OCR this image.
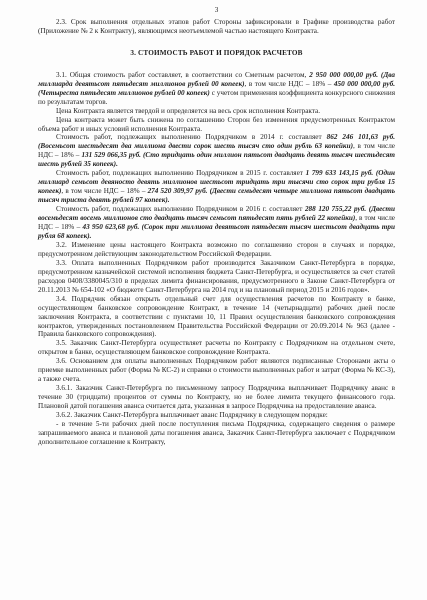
3

2.3. Срок выполнения отдельных этапов работ Стороны зафиксировали в Графике производства работ (Приложение № 2 к Контракту), являющимся неотъемлемой частью настоящего Контракта.

3. СТОИМОСТЬ РАБОТ И ПОРЯДОК РАСЧЕТОВ

3.1. Общая стоимость работ составляет, в соответствии со Сметным расчетом, 2 950 000 000,00 руб. (Два миллиарда девятьсот пятьдесят миллионов рублей 00 копеек), в том числе НДС – 18% – 450 000 000,00 руб. (Четыреста пятьдесят миллионов рублей 00 копеек) с учетом применения коэффициента конкурсного снижения по результатам торгов.

Цена Контракта является твердой и определяется на весь срок исполнения Контракта.

Цена контракта может быть снижена по соглашению Сторон без изменения предусмотренных Контрактом объема работ и иных условий исполнения Контракта.

Стоимость работ, подлежащих выполнению Подрядчиком в 2014 г. составляет 862 246 101,63 руб. (Восемьсот шестьдесят два миллиона двести сорок шесть тысяч сто один рубль 63 копейки), в том числе НДС – 18% – 131 529 066,35 руб. (Сто тридцать один миллион пятьсот двадцать девять тысяч шестьдесят шесть рублей 35 копеек).

Стоимость работ, подлежащих выполнению Подрядчиком в 2015 г. составляет 1 799 633 143,15 руб. (Один миллиард семьсот девяносто девять миллионов шестьсот тридцать три тысячи сто сорок три рубля 15 копеек), в том числе НДС – 18% – 274 520 309,97 руб. (Двести семьдесят четыре миллиона пятьсот двадцать тысяч триста девять рублей 97 копеек).

Стоимость работ, подлежащих выполнению Подрядчиком в 2016 г. составляет 288 120 755,22 руб. (Двести восемьдесят восемь миллионов сто двадцать тысяч семьсот пятьдесят пять рублей 22 копейки), в том числе НДС – 18% – 43 950 623,68 руб. (Сорок три миллиона девятьсот пятьдесят тысяч шестьсот двадцать три рубля 68 копеек).

3.2. Изменение цены настоящего Контракта возможно по соглашению сторон в случаях и порядке, предусмотренном действующим законодательством Российской Федерации.

3.3. Оплата выполненных Подрядчиком работ производится Заказчиком Санкт-Петербурга в порядке, предусмотренном казначейской системой исполнения бюджета Санкт-Петербурга, и осуществляется за счет статей расходов 0408/3380045/310 в пределах лимита финансирования, предусмотренного в Законе Санкт-Петербурга от 20.11.2013 № 654-102 «О бюджете Санкт-Петербурга на 2014 год и на плановый период 2015 и 2016 годов».

3.4. Подрядчик обязан открыть отдельный счет для осуществления расчетов по Контракту в банке, осуществляющем банковское сопровождение Контракт, в течение 14 (четырнадцати) рабочих дней после заключения Контракта, в соответствии с пунктами 10, 11 Правил осуществления банковского сопровождения контрактов, утвержденных постановлением Правительства Российской Федерации от 20.09.2014 № 963 (далее - Правила банковского сопровождения).

3.5. Заказчик Санкт-Петербурга осуществляет расчеты по Контракту с Подрядчиком на отдельном счете, открытом в банке, осуществляющем банковское сопровождение Контракта.

3.6. Основанием для оплаты выполненных Подрядчиком работ являются подписанные Сторонами акты о приемке выполненных работ (Форма № КС-2) и справки о стоимости выполненных работ и затрат (Форма № КС-3), а также счета.

3.6.1. Заказчик Санкт-Петербурга по письменному запросу Подрядчика выплачивает Подрядчику аванс в течение 30 (тридцати) процентов от суммы по Контракту, но не более лимита текущего финансового года. Плановой датой погашения аванса считается дата, указанная в запросе Подрядчика на предоставление аванса.

3.6.2. Заказчик Санкт-Петербурга выплачивает аванс Подрядчику в следующем порядке:

- в течение 5-ти рабочих дней после поступления письма Подрядчика, содержащего сведения о размере запрашиваемого аванса и плановой даты погашения аванса, Заказчик Санкт-Петербурга заключает с Подрядчиком дополнительное соглашение к Контракту,
